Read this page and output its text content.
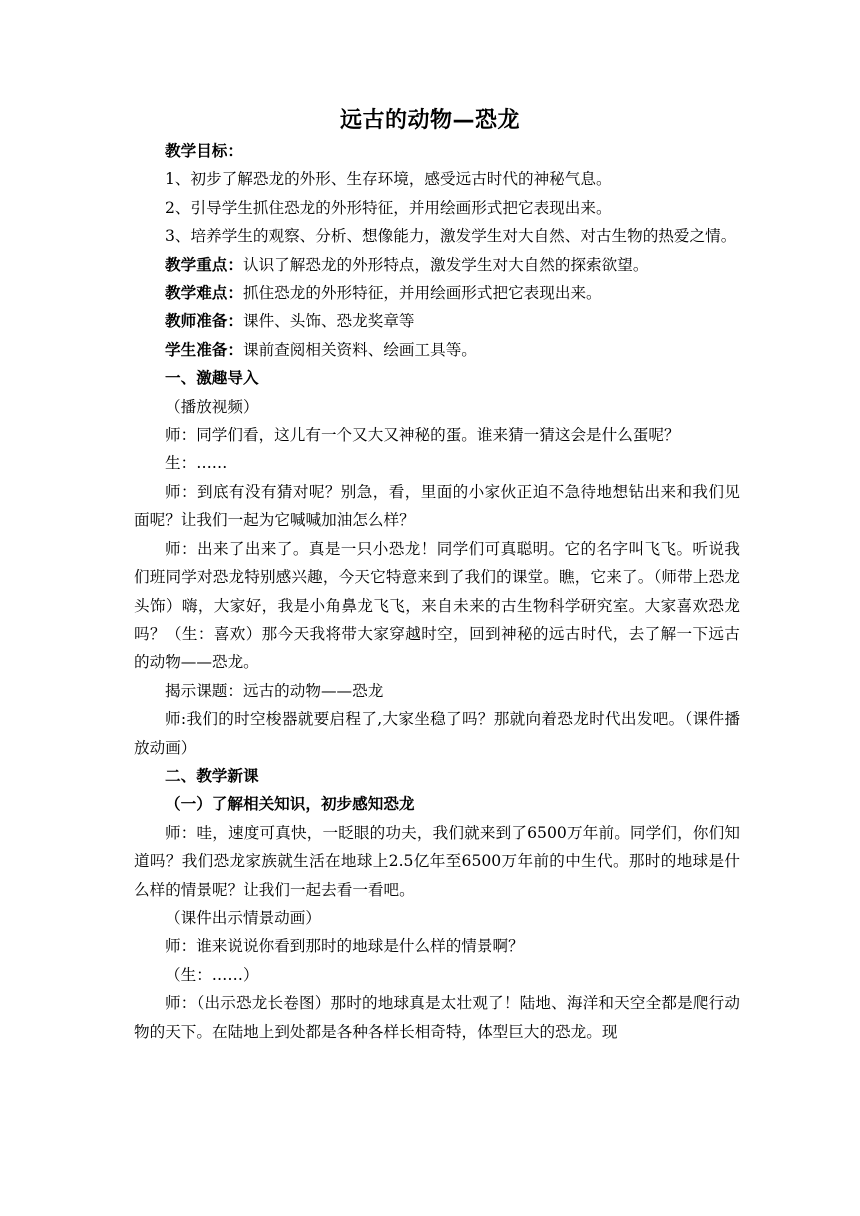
远古的动物—恐龙

教学目标：

1、初步了解恐龙的外形、生存环境，感受远古时代的神秘气息。

2、引导学生抓住恐龙的外形特征，并用绘画形式把它表现出来。

3、培养学生的观察、分析、想像能力，激发学生对大自然、对古生物的热爱之情。

教学重点：认识了解恐龙的外形特点，激发学生对大自然的探索欲望。

教学难点：抓住恐龙的外形特征，并用绘画形式把它表现出来。

教师准备：课件、头饰、恐龙奖章等

学生准备：课前查阅相关资料、绘画工具等。

一、激趣导入

（播放视频）

师：同学们看，这儿有一个又大又神秘的蛋。谁来猜一猜这会是什么蛋呢？

生：……

师：到底有没有猜对呢？别急，看，里面的小家伙正迫不急待地想钻出来和我们见面呢？让我们一起为它喊喊加油怎么样？

师：出来了出来了。真是一只小恐龙！同学们可真聪明。它的名字叫飞飞。听说我们班同学对恐龙特别感兴趣，今天它特意来到了我们的课堂。瞧，它来了。（师带上恐龙头饰）嗨，大家好，我是小角鼻龙飞飞，来自未来的古生物科学研究室。大家喜欢恐龙吗？（生：喜欢）那今天我将带大家穿越时空，回到神秘的远古时代，去了解一下远古的动物——恐龙。

揭示课题：远古的动物——恐龙

师:我们的时空梭器就要启程了,大家坐稳了吗？那就向着恐龙时代出发吧。（课件播放动画）

二、教学新课

（一）了解相关知识，初步感知恐龙

师：哇，速度可真快，一眨眼的功夫，我们就来到了6500万年前。同学们，你们知道吗？我们恐龙家族就生活在地球上2.5亿年至6500万年前的中生代。那时的地球是什么样的情景呢？让我们一起去看一看吧。

（课件出示情景动画）

师：谁来说说你看到那时的地球是什么样的情景啊？

（生：……）

师：（出示恐龙长卷图）那时的地球真是太壮观了！陆地、海洋和天空全都是爬行动物的天下。在陆地上到处都是各种各样长相奇特，体型巨大的恐龙。现
